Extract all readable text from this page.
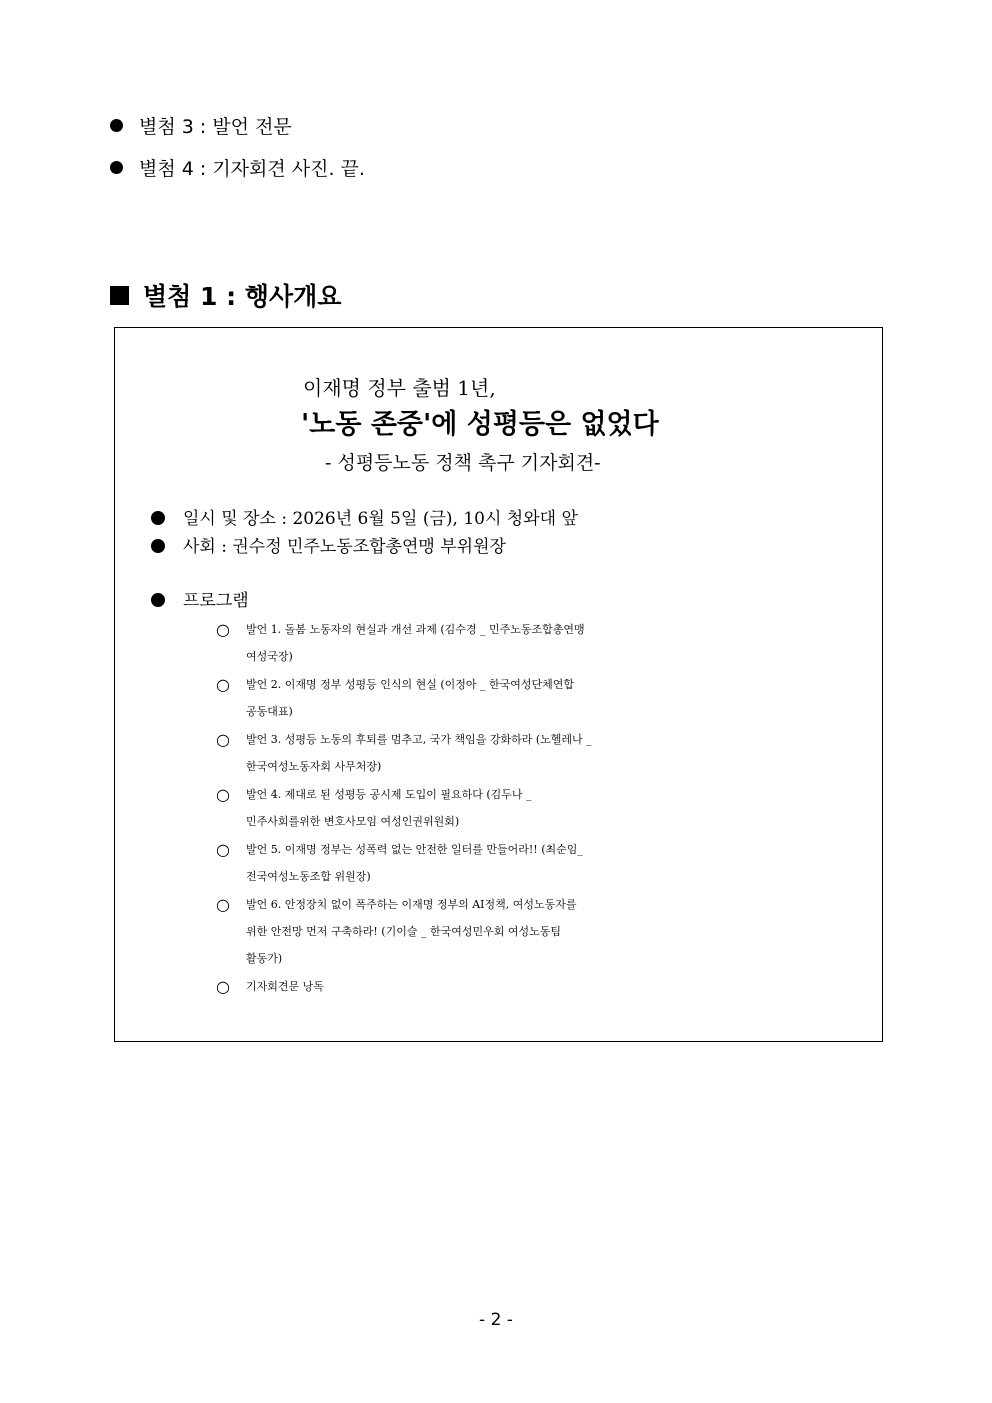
별첨 3 : 발언 전문
별첨 4 : 기자회견 사진. 끝.
별첨 1 : 행사개요
이재명 정부 출범 1년,
'노동 존중'에 성평등은 없었다
- 성평등노동 정책 촉구 기자회견-
일시 및 장소 : 2026년 6월 5일 (금), 10시 청와대 앞
사회 : 권수정 민주노동조합총연맹 부위원장
프로그램
○ 발언 1. 돌봄 노동자의 현실과 개선 과제 (김수경 _ 민주노동조합총연맹
여성국장)
○ 발언 2. 이재명 정부 성평등 인식의 현실 (이정아 _ 한국여성단체연합
공동대표)
○ 발언 3. 성평등 노동의 후퇴를 멈추고, 국가 책임을 강화하라 (노헬레나 _
한국여성노동자회 사무처장)
○ 발언 4. 제대로 된 성평등 공시제 도입이 필요하다 (김두나 _
민주사회를위한 변호사모임 여성인권위원회)
○ 발언 5. 이재명 정부는 성폭력 없는 안전한 일터를 만들어라!! (최순임_
전국여성노동조합 위원장)
○ 발언 6. 안정장치 없이 폭주하는 이재명 정부의 AI정책, 여성노동자를
위한 안전망 먼저 구축하라! (기이슬 _ 한국여성민우회 여성노동팀
활동가)
○ 기자회견문 낭독
- 2 -
